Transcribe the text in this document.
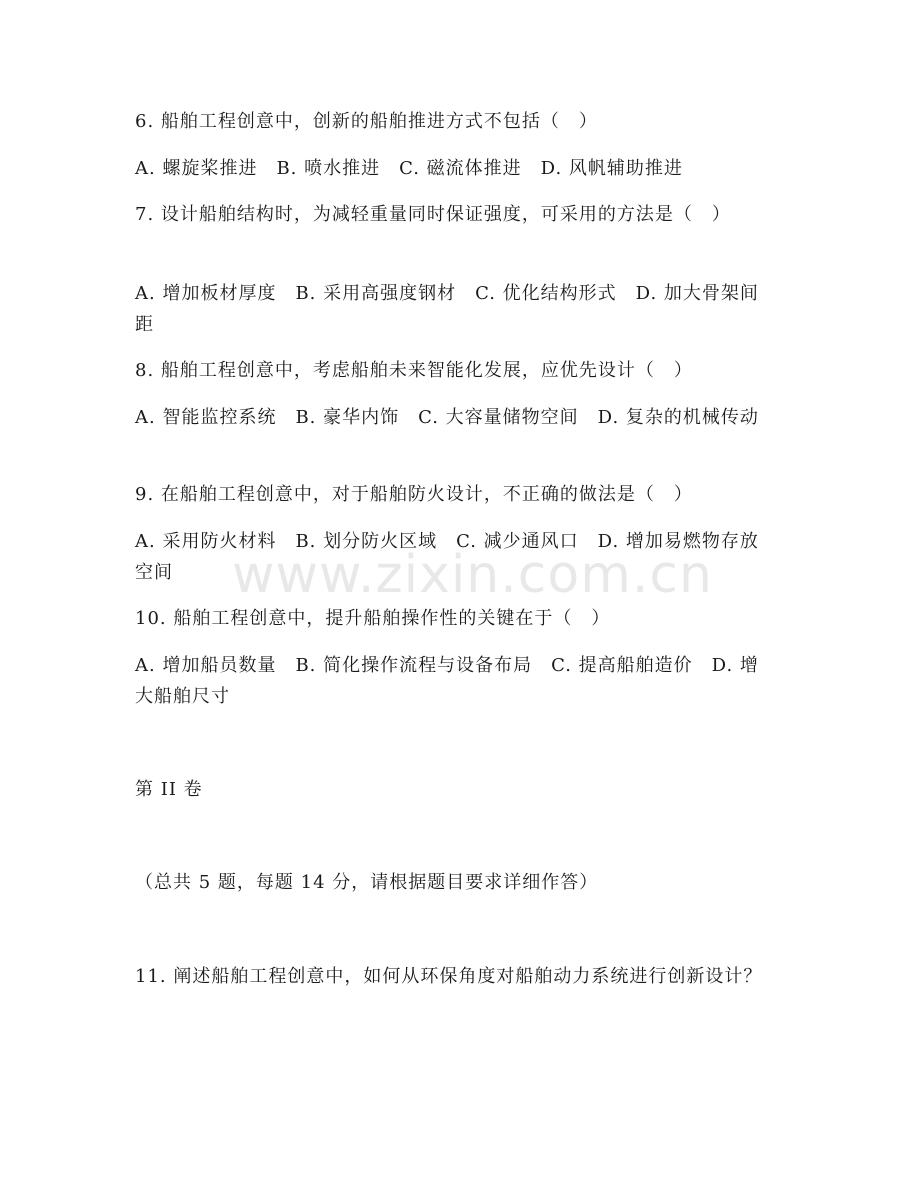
6. 船舶工程创意中，创新的船舶推进方式不包括（　）
A. 螺旋桨推进　B. 喷水推进　C. 磁流体推进　D. 风帆辅助推进
7. 设计船舶结构时，为减轻重量同时保证强度，可采用的方法是（　）
A. 增加板材厚度　B. 采用高强度钢材　C. 优化结构形式　D. 加大骨架间距
8. 船舶工程创意中，考虑船舶未来智能化发展，应优先设计（　）
A. 智能监控系统　B. 豪华内饰　C. 大容量储物空间　D. 复杂的机械传动
9. 在船舶工程创意中，对于船舶防火设计，不正确的做法是（　）
A. 采用防火材料　B. 划分防火区域　C. 减少通风口　D. 增加易燃物存放空间
10. 船舶工程创意中，提升船舶操作性的关键在于（　）
A. 增加船员数量　B. 简化操作流程与设备布局　C. 提高船舶造价　D. 增大船舶尺寸
第 II 卷
（总共 5 题，每题 14 分，请根据题目要求详细作答）
11. 阐述船舶工程创意中，如何从环保角度对船舶动力系统进行创新设计？
www.zixin.com.cn
